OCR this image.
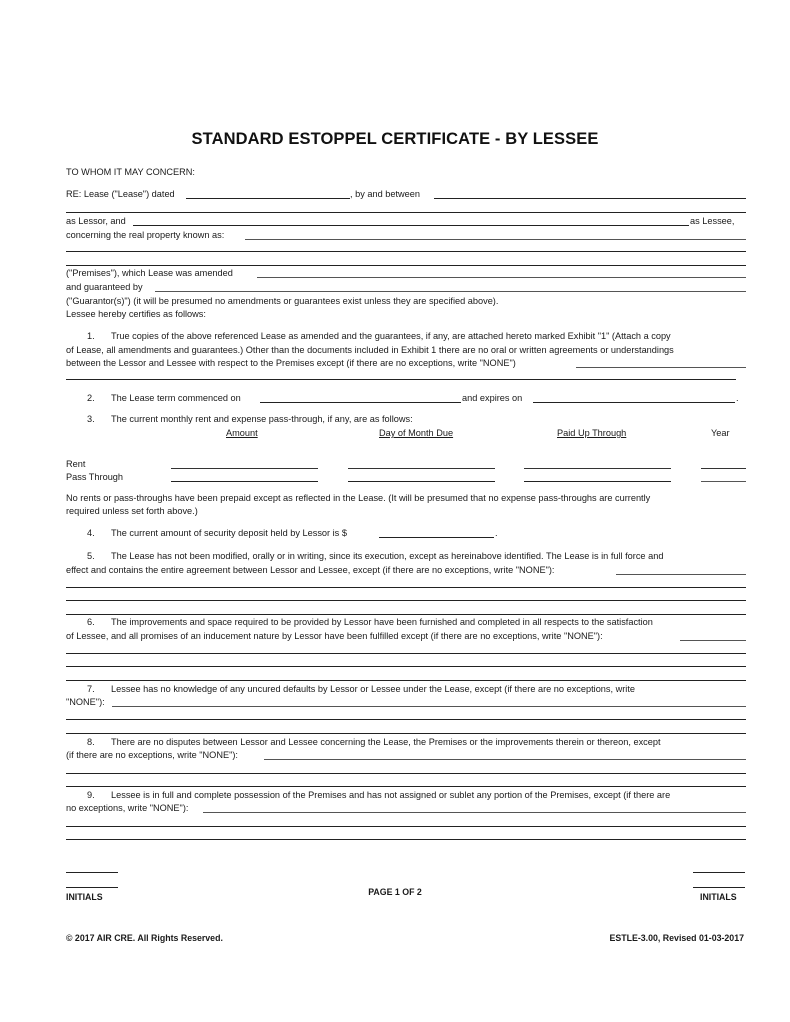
STANDARD ESTOPPEL CERTIFICATE - BY LESSEE
TO WHOM IT MAY CONCERN:
RE: Lease ("Lease") dated	, by and between
as Lessor, and	as Lessee,
concerning the real property known as:
("Premises"), which Lease was amended
and guaranteed by
("Guarantor(s)") (it will be presumed no amendments or guarantees exist unless they are specified above).
Lessee hereby certifies as follows:
1. True copies of the above referenced Lease as amended and the guarantees, if any, are attached hereto marked Exhibit "1" (Attach a copy
of Lease, all amendments and guarantees.) Other than the documents included in Exhibit 1 there are no oral or written agreements or understandings
between the Lessor and Lessee with respect to the Premises except (if there are no exceptions, write "NONE")
2. The Lease term commenced on	and expires on	.
3. The current monthly rent and expense pass-through, if any, are as follows:
Amount	Day of Month Due	Paid Up Through	Year
Rent
Pass Through
No rents or pass-throughs have been prepaid except as reflected in the Lease. (It will be presumed that no expense pass-throughs are currently
required unless set forth above.)
4. The current amount of security deposit held by Lessor is $	.
5. The Lease has not been modified, orally or in writing, since its execution, except as hereinabove identified. The Lease is in full force and
effect and contains the entire agreement between Lessor and Lessee, except (if there are no exceptions, write "NONE"):
6. The improvements and space required to be provided by Lessor have been furnished and completed in all respects to the satisfaction
of Lessee, and all promises of an inducement nature by Lessor have been fulfilled except (if there are no exceptions, write "NONE"):
7. Lessee has no knowledge of any uncured defaults by Lessor or Lessee under the Lease, except (if there are no exceptions, write
"NONE"):
8. There are no disputes between Lessor and Lessee concerning the Lease, the Premises or the improvements therein or thereon, except
(if there are no exceptions, write "NONE"):
9. Lessee is in full and complete possession of the Premises and has not assigned or sublet any portion of the Premises, except (if there are
no exceptions, write "NONE"):
INITIALS	PAGE 1 OF 2	INITIALS
© 2017 AIR CRE. All Rights Reserved.	ESTLE-3.00, Revised 01-03-2017
